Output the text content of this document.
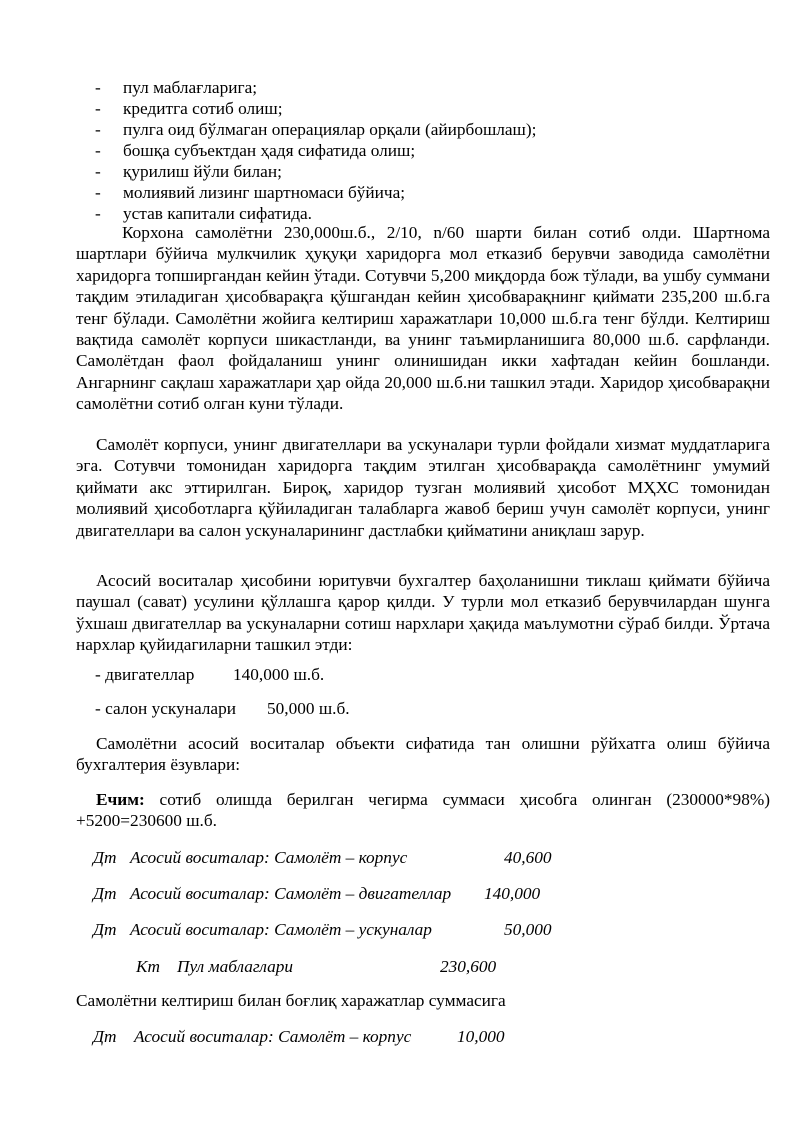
- пул маблағларига;
- кредитга сотиб олиш;
- пулга оид бўлмаган операциялар орқали (айирбошлаш);
- бошқа субъектдан ҳадя сифатида олиш;
- қурилиш йўли билан;
- молиявий лизинг шартномаси бўйича;
- устав капитали сифатида.

Корхона самолётни 230,000ш.б., 2/10, n/60 шарти билан сотиб олди. Шартнома шартлари бўйича мулкчилик ҳуқуқи харидорга мол етказиб берувчи заводида самолётни харидорга топширгандан кейин ўтади. Сотувчи 5,200 миқдорда бож тўлади, ва ушбу суммани тақдим этиладиган ҳисобварақга қўшгандан кейин ҳисобварақнинг қиймати 235,200 ш.б.га тенг бўлади. Самолётни жойига келтириш харажатлари 10,000 ш.б.га тенг бўлди. Келтириш вақтида самолёт корпуси шикастланди, ва унинг таъмирланишига 80,000 ш.б. сарфланди. Самолётдан фаол фойдаланиш унинг олинишидан икки хафтадан кейин бошланди. Ангарнинг сақлаш харажатлари ҳар ойда 20,000 ш.б.ни ташкил этади. Харидор ҳисобварақни самолётни сотиб олган куни тўлади.

Самолёт корпуси, унинг двигателлари ва ускуналари турли фойдали хизмат муддатларига эга. Сотувчи томонидан харидорга тақдим этилган ҳисобварақда самолётнинг умумий қиймати акс эттирилган. Бироқ, харидор тузган молиявий ҳисобот МҲХС томонидан молиявий ҳисоботларга қўйиладиган талабларга жавоб бериш учун самолёт корпуси, унинг двигателлари ва салон ускуналарининг дастлабки қийматини аниқлаш зарур.

Асосий воситалар ҳисобини юритувчи бухгалтер баҳоланишни тиклаш қиймати бўйича паушал (сават) усулини қўллашга қарор қилди. У турли мол етказиб берувчилардан шунга ўхшаш двигателлар ва ускуналарни сотиш нархлари ҳақида маълумотни сўраб билди. Ўртача нархлар қуйидагиларни ташкил этди:

- двигателлар 140,000 ш.б.
- салон ускуналари 50,000 ш.б.

Самолётни асосий воситалар объекти сифатида тан олишни рўйхатга олиш бўйича бухгалтерия ёзувлари:

Ечим: сотиб олишда берилган чегирма суммаси ҳисобга олинган (230000*98%) +5200=230600 ш.б.

Дт Асосий воситалар: Самолёт – корпус	40,600
Дт Асосий воситалар: Самолёт – двигателлар 140,000
Дт Асосий воситалар: Самолёт – ускуналар	50,000
Кт Пул маблаглари	230,600
Самолётни келтириш билан боғлиқ харажатлар суммасига
Дт Асосий воситалар: Самолёт – корпус	10,000
